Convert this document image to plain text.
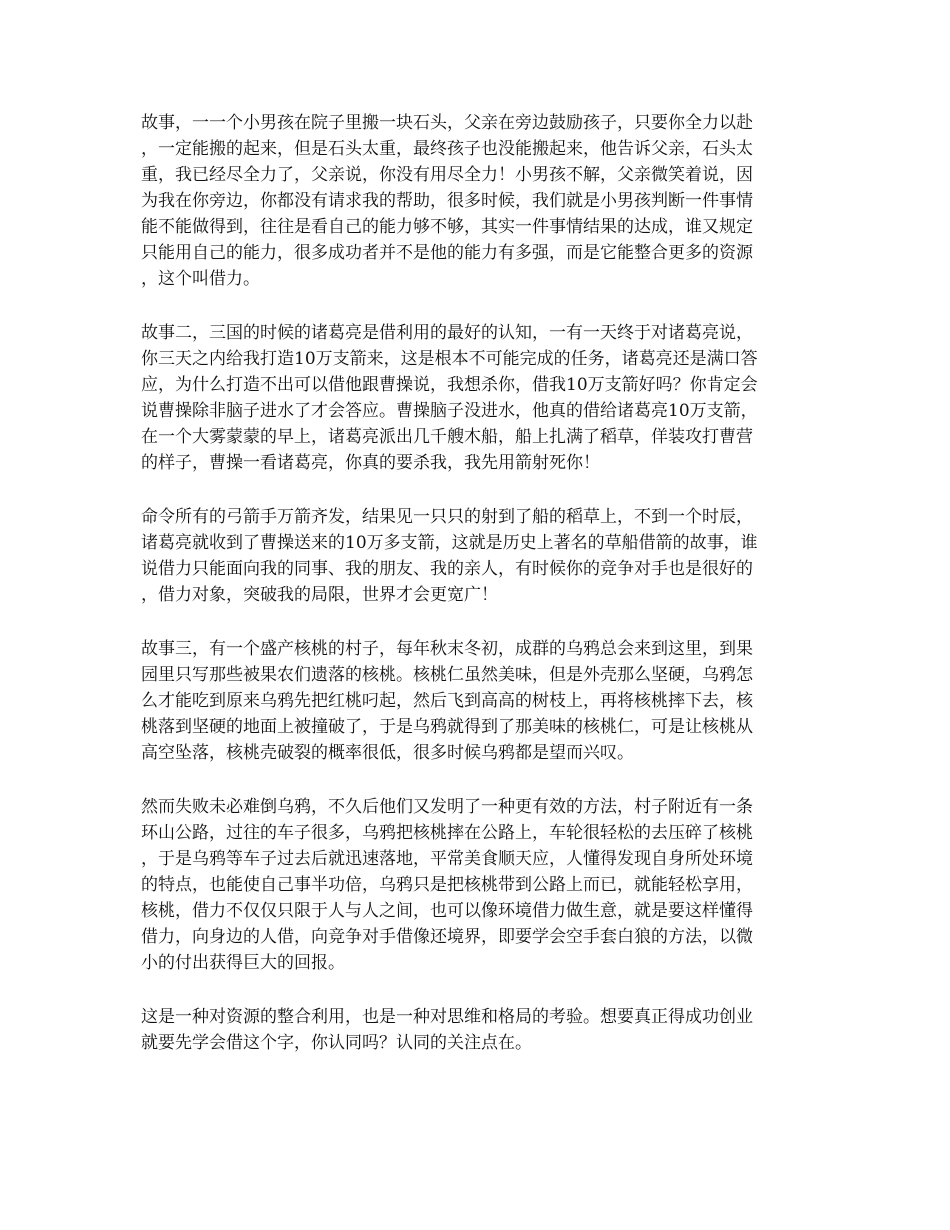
故事，一一个小男孩在院子里搬一块石头，父亲在旁边鼓励孩子，只要你全力以赴
，一定能搬的起来，但是石头太重，最终孩子也没能搬起来，他告诉父亲，石头太
重，我已经尽全力了，父亲说，你没有用尽全力！小男孩不解，父亲微笑着说，因
为我在你旁边，你都没有请求我的帮助，很多时候，我们就是小男孩判断一件事情
能不能做得到，往往是看自己的能力够不够，其实一件事情结果的达成，谁又规定
只能用自己的能力，很多成功者并不是他的能力有多强，而是它能整合更多的资源
，这个叫借力。

故事二，三国的时候的诸葛亮是借利用的最好的认知，一有一天终于对诸葛亮说，
你三天之内给我打造10万支箭来，这是根本不可能完成的任务，诸葛亮还是满口答
应，为什么打造不出可以借他跟曹操说，我想杀你，借我10万支箭好吗？你肯定会
说曹操除非脑子进水了才会答应。曹操脑子没进水，他真的借给诸葛亮10万支箭，
在一个大雾蒙蒙的早上，诸葛亮派出几千艘木船，船上扎满了稻草，佯装攻打曹营
的样子，曹操一看诸葛亮，你真的要杀我，我先用箭射死你！

命令所有的弓箭手万箭齐发，结果见一只只的射到了船的稻草上，不到一个时辰，
诸葛亮就收到了曹操送来的10万多支箭，这就是历史上著名的草船借箭的故事，谁
说借力只能面向我的同事、我的朋友、我的亲人，有时候你的竞争对手也是很好的
，借力对象，突破我的局限，世界才会更宽广！

故事三，有一个盛产核桃的村子，每年秋末冬初，成群的乌鸦总会来到这里，到果
园里只写那些被果农们遗落的核桃。核桃仁虽然美味，但是外壳那么坚硬，乌鸦怎
么才能吃到原来乌鸦先把红桃叼起，然后飞到高高的树枝上，再将核桃摔下去，核
桃落到坚硬的地面上被撞破了，于是乌鸦就得到了那美味的核桃仁，可是让核桃从
高空坠落，核桃壳破裂的概率很低，很多时候乌鸦都是望而兴叹。

然而失败未必难倒乌鸦，不久后他们又发明了一种更有效的方法，村子附近有一条
环山公路，过往的车子很多，乌鸦把核桃摔在公路上，车轮很轻松的去压碎了核桃
，于是乌鸦等车子过去后就迅速落地，平常美食顺天应，人懂得发现自身所处环境
的特点，也能使自己事半功倍，乌鸦只是把核桃带到公路上而已，就能轻松享用，
核桃，借力不仅仅只限于人与人之间，也可以像环境借力做生意，就是要这样懂得
借力，向身边的人借，向竞争对手借像还境界，即要学会空手套白狼的方法，以微
小的付出获得巨大的回报。

这是一种对资源的整合利用，也是一种对思维和格局的考验。想要真正得成功创业
就要先学会借这个字，你认同吗？认同的关注点在。
